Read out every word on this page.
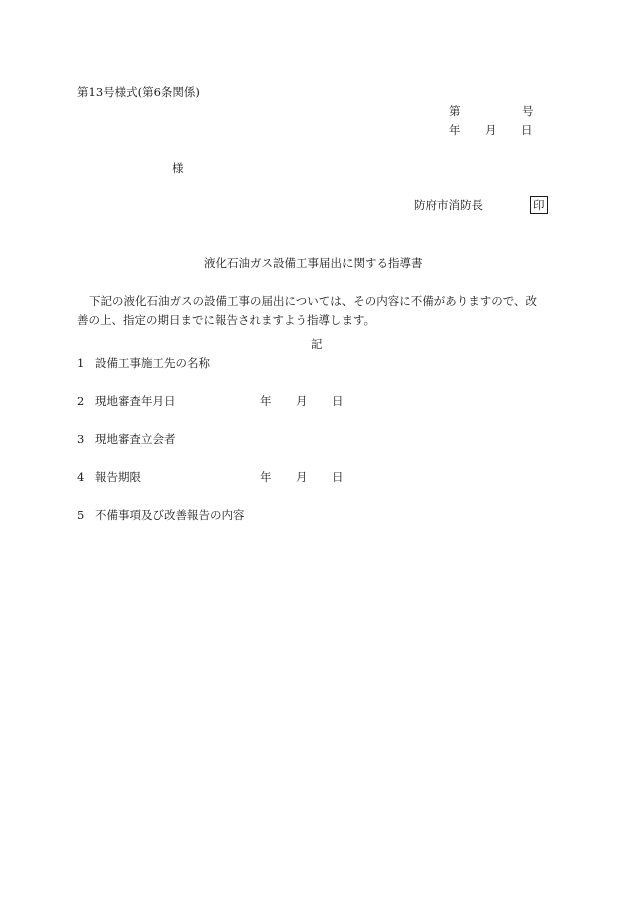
第13号様式(第6条関係)
第	号
年 月 日
様
防府市消防長	印
液化石油ガス設備工事届出に関する指導書
下記の液化石油ガスの設備工事の届出については、その内容に不備がありますので、改
善の上、指定の期日までに報告されますよう指導します。
記
1 設備工事施工先の名称
2 現地審査年月日	年 月 日
3 現地審査立会者
4 報告期限	年 月 日
5 不備事項及び改善報告の内容
